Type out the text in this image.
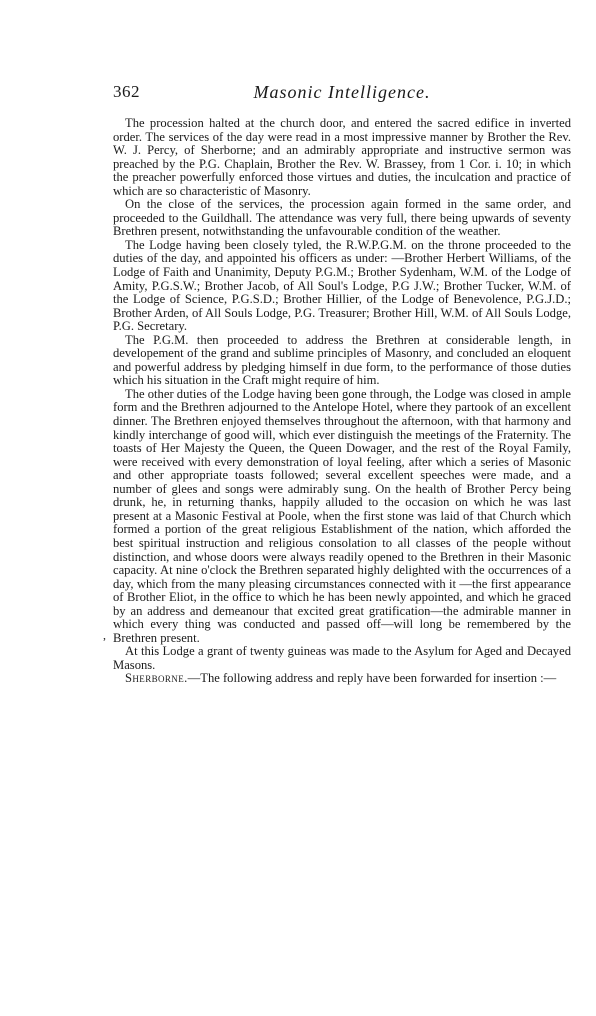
362	Masonic Intelligence.
,

The procession halted at the church door, and entered the sacred edifice in inverted order. The services of the day were read in a most impressive manner by Brother the Rev. W. J. Percy, of Sherborne; and an admirably appropriate and instructive sermon was preached by the P.G. Chaplain, Brother the Rev. W. Brassey, from 1 Cor. i. 10; in which the preacher powerfully enforced those virtues and duties, the inculcation and practice of which are so characteristic of Masonry.

On the close of the services, the procession again formed in the same order, and proceeded to the Guildhall. The attendance was very full, there being upwards of seventy Brethren present, notwithstanding the unfavourable condition of the weather.

The Lodge having been closely tyled, the R.W.P.G.M. on the throne proceeded to the duties of the day, and appointed his officers as under: —Brother Herbert Williams, of the Lodge of Faith and Unanimity, Deputy P.G.M.; Brother Sydenham, W.M. of the Lodge of Amity, P.G.S.W.; Brother Jacob, of All Soul's Lodge, P.G J.W.; Brother Tucker, W.M. of the Lodge of Science, P.G.S.D.; Brother Hillier, of the Lodge of Benevolence, P.G.J.D.; Brother Arden, of All Souls Lodge, P.G. Treasurer; Brother Hill, W.M. of All Souls Lodge, P.G. Secretary.

The P.G.M. then proceeded to address the Brethren at considerable length, in developement of the grand and sublime principles of Masonry, and concluded an eloquent and powerful address by pledging himself in due form, to the performance of those duties which his situation in the Craft might require of him.

The other duties of the Lodge having been gone through, the Lodge was closed in ample form and the Brethren adjourned to the Antelope Hotel, where they partook of an excellent dinner. The Brethren enjoyed themselves throughout the afternoon, with that harmony and kindly interchange of good will, which ever distinguish the meetings of the Fraternity. The toasts of Her Majesty the Queen, the Queen Dowager, and the rest of the Royal Family, were received with every demonstration of loyal feeling, after which a series of Masonic and other appropriate toasts followed; several excellent speeches were made, and a number of glees and songs were admirably sung. On the health of Brother Percy being drunk, he, in returning thanks, happily alluded to the occasion on which he was last present at a Masonic Festival at Poole, when the first stone was laid of that Church which formed a portion of the great religious Establishment of the nation, which afforded the best spiritual instruction and religious consolation to all classes of the people without distinction, and whose doors were always readily opened to the Brethren in their Masonic capacity. At nine o'clock the Brethren separated highly delighted with the occurrences of a day, which from the many pleasing circumstances connected with it —the first appearance of Brother Eliot, in the office to which he has been newly appointed, and which he graced by an address and demeanour that excited great gratification—the admirable manner in which every thing was conducted and passed off—will long be remembered by the Brethren present.

At this Lodge a grant of twenty guineas was made to the Asylum for Aged and Decayed Masons.

Sherborne.—The following address and reply have been forwarded for insertion :—
